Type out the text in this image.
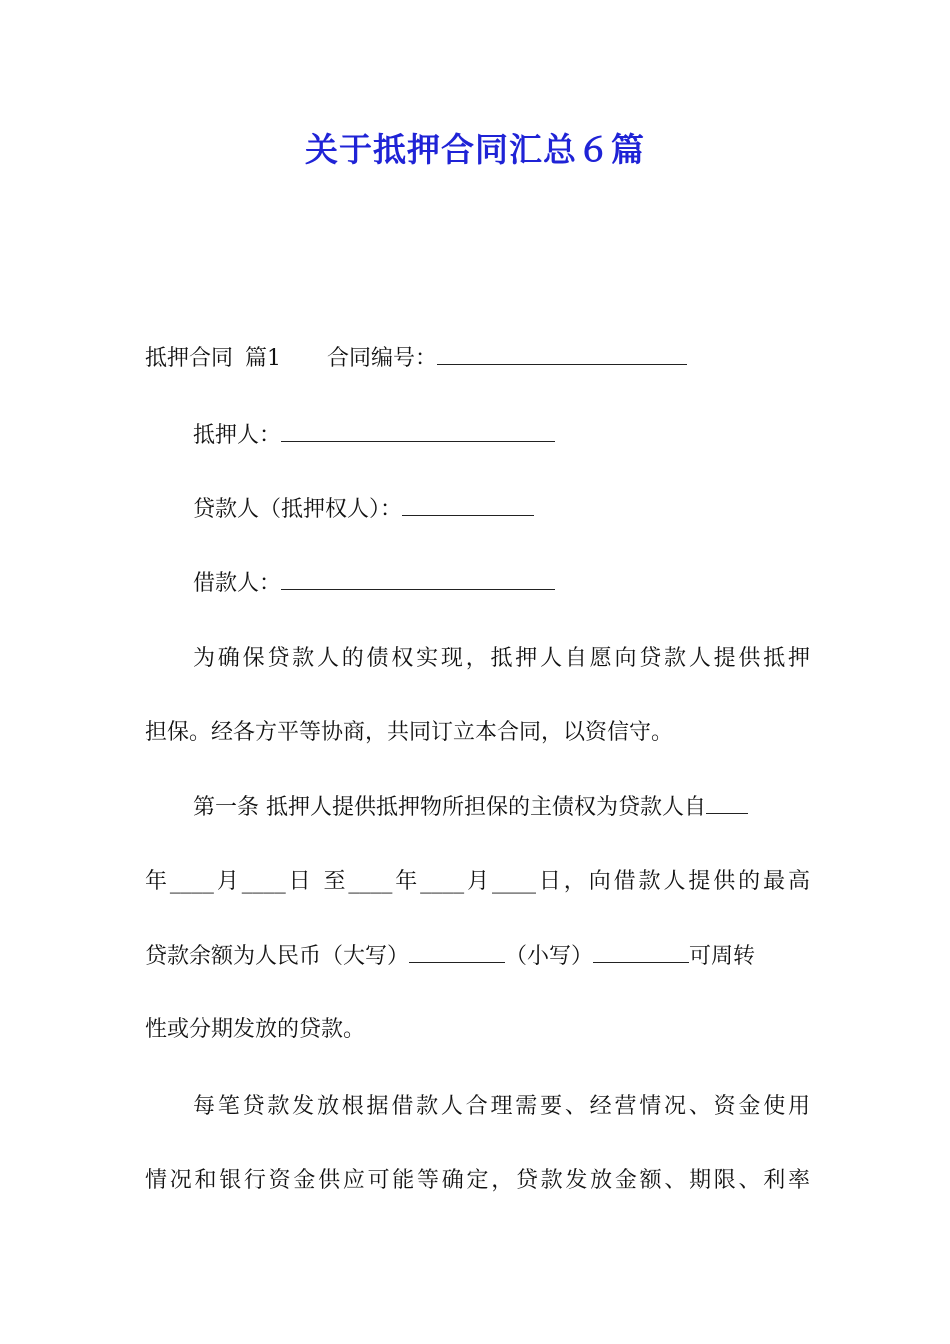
关于抵押合同汇总６篇
抵押合同 篇1 合同编号：
抵押人：
贷款人（抵押权人）：
借款人：
为确保贷款人的债权实现，抵押人自愿向贷款人提供抵押
担保。经各方平等协商，共同订立本合同，以资信守。
第一条 抵押人提供抵押物所担保的主债权为贷款人自
年____月____日 至____年____月____日，向借款人提供的最高
贷款余额为人民币（大写）	（小写）	可周转
性或分期发放的贷款。
每笔贷款发放根据借款人合理需要、经营情况、资金使用
情况和银行资金供应可能等确定，贷款发放金额、期限、利率
